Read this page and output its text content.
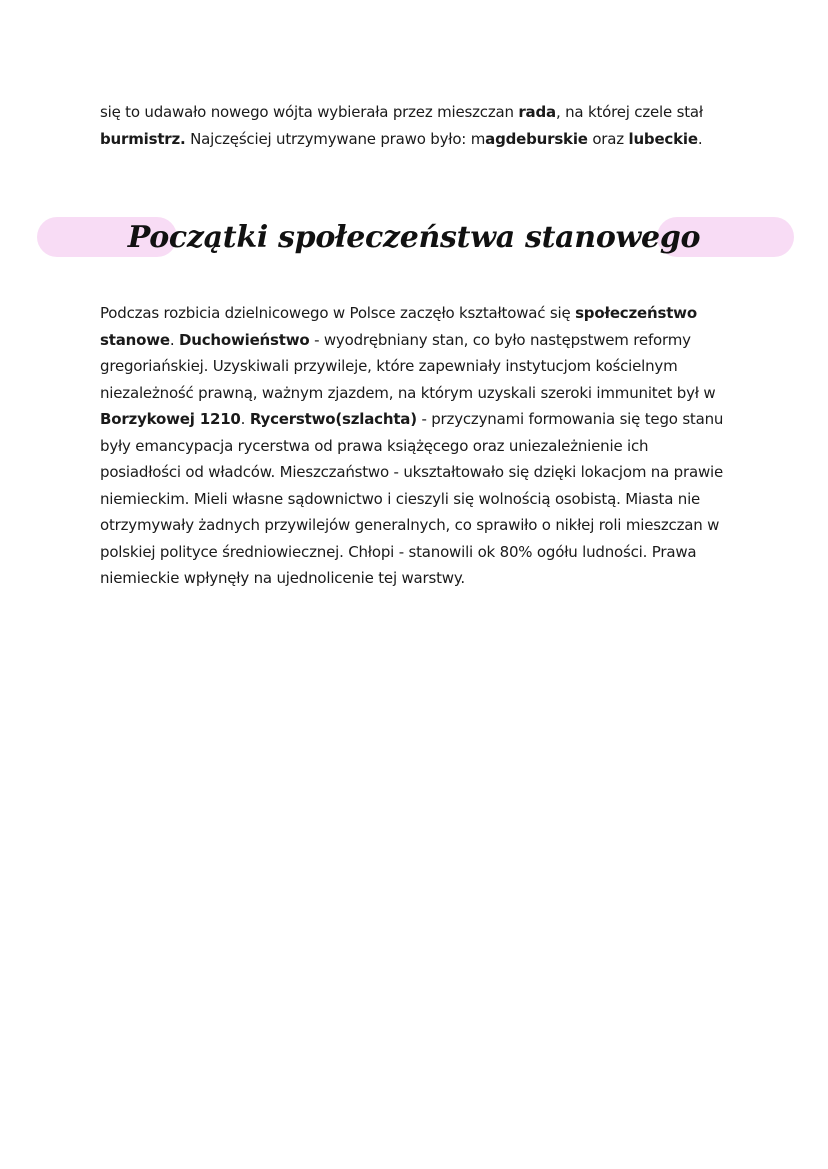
się to udawało nowego wójta wybierała przez mieszczan rada, na której czele stał burmistrz. Najczęściej utrzymywane prawo było: magdeburskie oraz lubeckie.
Początki społeczeństwa stanowego
Podczas rozbicia dzielnicowego w Polsce zaczęło kształtować się społeczeństwo stanowe. Duchowieństwo - wyodrębniany stan, co było następstwem reformy gregoriańskiej. Uzyskiwali przywileje, które zapewniały instytucjom kościelnym niezależność prawną, ważnym zjazdem, na którym uzyskali szeroki immunitet był w Borzykowej 1210. Rycerstwo(szlachta) - przyczynami formowania się tego stanu były emancypacja rycerstwa od prawa książęcego oraz uniezależnienie ich posiadłości od władców. Mieszczaństwo - ukształtowało się dzięki lokacjom na prawie niemieckim. Mieli własne sądownictwo i cieszyli się wolnością osobistą. Miasta nie otrzymywały żadnych przywilejów generalnych, co sprawiło o nikłej roli mieszczan w polskiej polityce średniowiecznej. Chłopi - stanowili ok 80% ogółu ludności. Prawa niemieckie wpłynęły na ujednolicenie tej warstwy.
